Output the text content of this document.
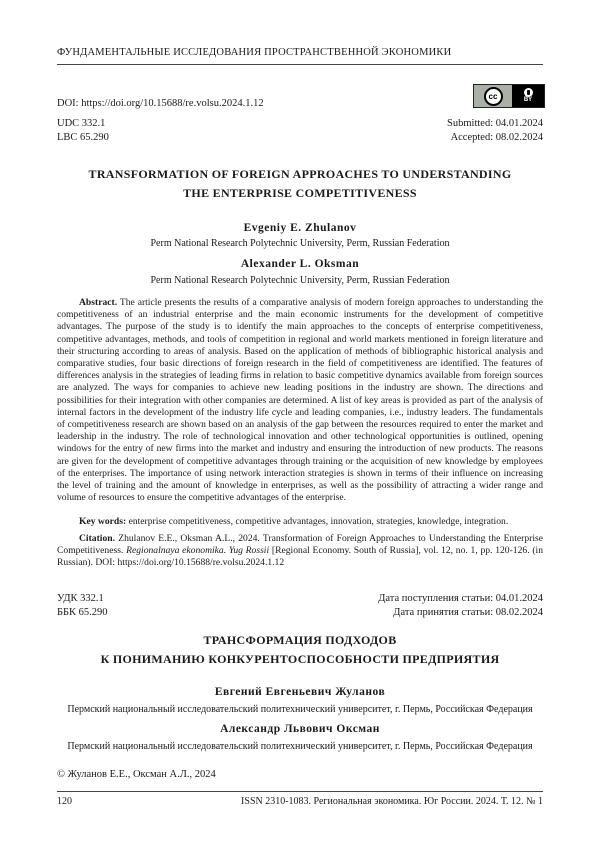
ФУНДАМЕНТАЛЬНЫЕ ИССЛЕДОВАНИЯ ПРОСТРАНСТВЕННОЙ ЭКОНОМИКИ
DOI: https://doi.org/10.15688/re.volsu.2024.1.12
cc	BY
UDC 332.1
LBC 65.290
Submitted: 04.01.2024
Accepted: 08.02.2024
TRANSFORMATION OF FOREIGN APPROACHES TO UNDERSTANDING
THE ENTERPRISE COMPETITIVENESS
Evgeniy E. Zhulanov
Perm National Research Polytechnic University, Perm, Russian Federation
Alexander L. Oksman
Perm National Research Polytechnic University, Perm, Russian Federation
Abstract. The article presents the results of a comparative analysis of modern foreign approaches to understanding the competitiveness of an industrial enterprise and the main economic instruments for the development of competitive advantages. The purpose of the study is to identify the main approaches to the concepts of enterprise competitiveness, competitive advantages, methods, and tools of competition in regional and world markets mentioned in foreign literature and their structuring according to areas of analysis. Based on the application of methods of bibliographic historical analysis and comparative studies, four basic directions of foreign research in the field of competitiveness are identified. The features of differences analysis in the strategies of leading firms in relation to basic competitive dynamics available from foreign sources are analyzed. The ways for companies to achieve new leading positions in the industry are shown. The directions and possibilities for their integration with other companies are determined. A list of key areas is provided as part of the analysis of internal factors in the development of the industry life cycle and leading companies, i.e., industry leaders. The fundamentals of competitiveness research are shown based on an analysis of the gap between the resources required to enter the market and leadership in the industry. The role of technological innovation and other technological opportunities is outlined, opening windows for the entry of new firms into the market and industry and ensuring the introduction of new products. The reasons are given for the development of competitive advantages through training or the acquisition of new knowledge by employees of the enterprises. The importance of using network interaction strategies is shown in terms of their influence on increasing the level of training and the amount of knowledge in enterprises, as well as the possibility of attracting a wider range and volume of resources to ensure the competitive advantages of the enterprise.
Key words: enterprise competitiveness, competitive advantages, innovation, strategies, knowledge, integration.
Citation. Zhulanov E.E., Oksman A.L., 2024. Transformation of Foreign Approaches to Understanding the Enterprise Competitiveness. Regionalnaya ekonomika. Yug Rossii [Regional Economy. South of Russia], vol. 12, no. 1, pp. 120-126. (in Russian). DOI: https://doi.org/10.15688/re.volsu.2024.1.12
УДК 332.1
ББК 65.290
Дата поступления статьи: 04.01.2024
Дата принятия статьи: 08.02.2024
ТРАНСФОРМАЦИЯ ПОДХОДОВ
К ПОНИМАНИЮ КОНКУРЕНТОСПОСОБНОСТИ ПРЕДПРИЯТИЯ
Евгений Евгеньевич Жуланов
Пермский национальный исследовательский политехнический университет, г. Пермь, Российская Федерация
Александр Львович Оксман
Пермский национальный исследовательский политехнический университет, г. Пермь, Российская Федерация
© Жуланов Е.Е., Оксман А.Л., 2024
120	ISSN 2310-1083. Региональная экономика. Юг России. 2024. Т. 12. № 1
